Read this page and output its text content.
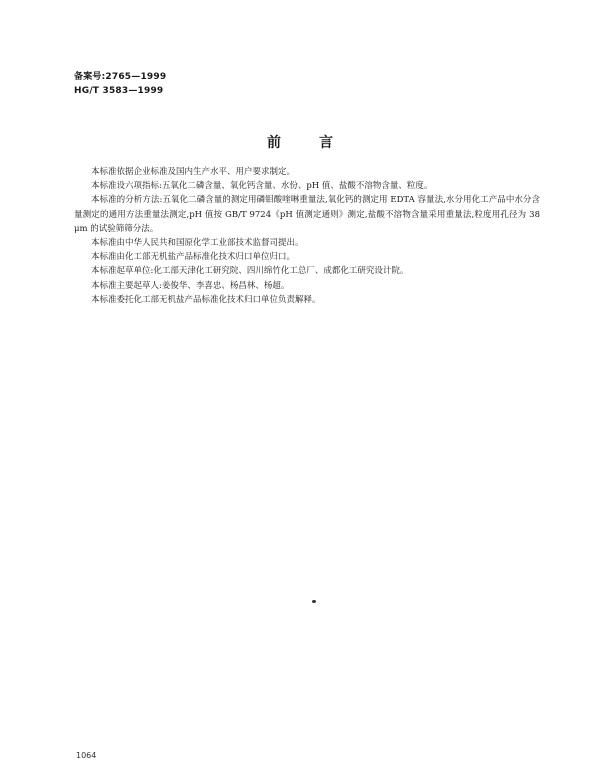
备案号:2765—1999
HG/T 3583—1999
前言

本标准依据企业标准及国内生产水平、用户要求制定。

本标准设六项指标:五氧化二磷含量、氧化钙含量、水份、pH 值、盐酸不溶物含量、粒度。

本标准的分析方法:五氧化二磷含量的测定用磷钼酸喹啉重量法,氧化钙的测定用 EDTA 容量法,水分用化工产品中水分含量测定的通用方法重量法测定,pH 值按 GB/T 9724《pH 值测定通则》测定,盐酸不溶物含量采用重量法,粒度用孔径为 38 μm 的试验筛筛分法。

本标准由中华人民共和国原化学工业部技术监督司提出。

本标准由化工部无机盐产品标准化技术归口单位归口。

本标准起草单位:化工部天津化工研究院、四川绵竹化工总厂、成都化工研究设计院。

本标准主要起草人:姜俊华、李喜忠、杨昌林、杨超。

本标准委托化工部无机盐产品标准化技术归口单位负责解释。

1064
